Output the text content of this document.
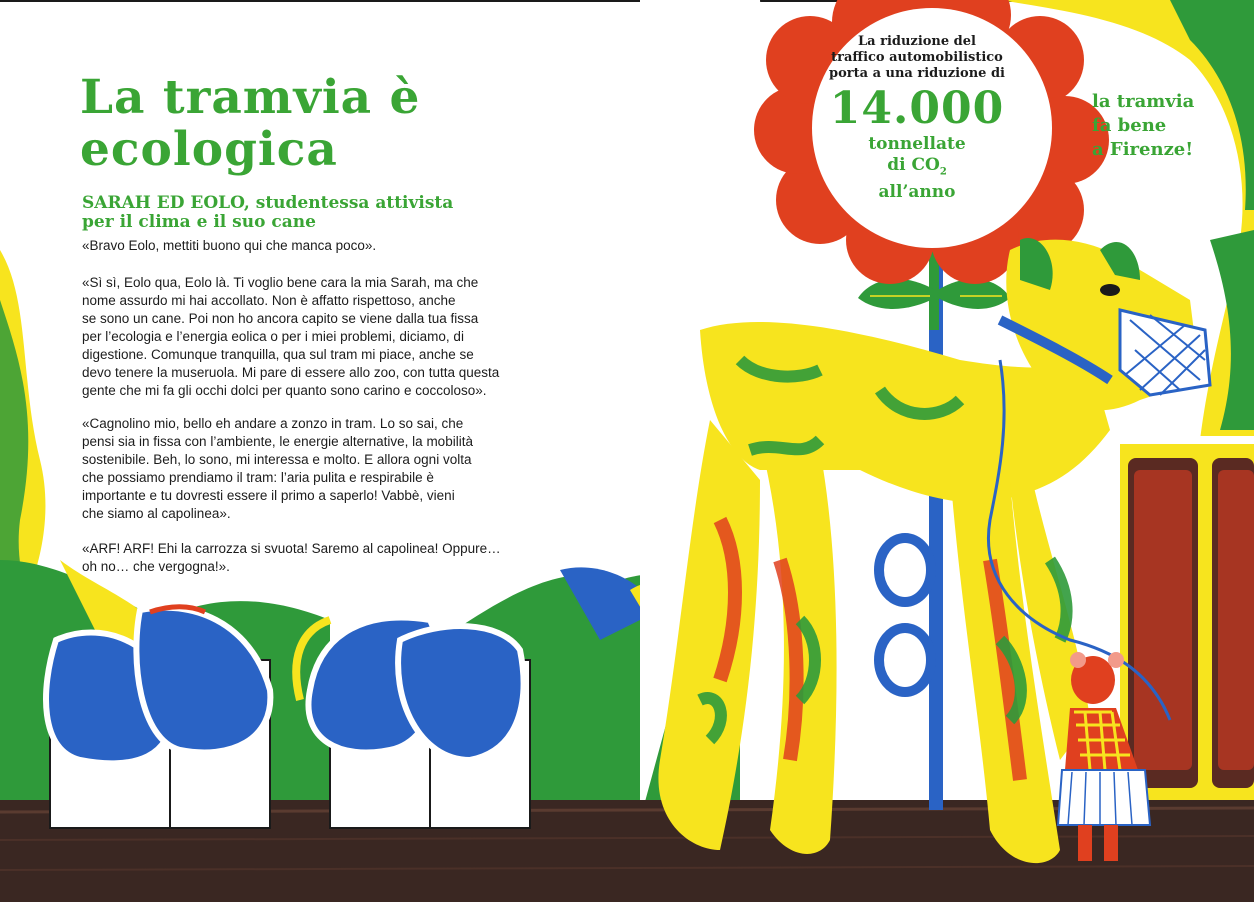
La tramvia è
ecologica
SARAH ED EOLO, studentessa attivista
per il clima e il suo cane

«Bravo Eolo, mettiti buono qui che manca poco».

«Sì sì, Eolo qua, Eolo là. Ti voglio bene cara la mia Sarah, ma che
nome assurdo mi hai accollato. Non è affatto rispettoso, anche
se sono un cane. Poi non ho ancora capito se viene dalla tua fissa
per l’ecologia e l’energia eolica o per i miei problemi, diciamo, di
digestione. Comunque tranquilla, qua sul tram mi piace, anche se
devo tenere la museruola. Mi pare di essere allo zoo, con tutta questa
gente che mi fa gli occhi dolci per quanto sono carino e coccoloso».

«Cagnolino mio, bello eh andare a zonzo in tram. Lo so sai, che
pensi sia in fissa con l’ambiente, le energie alternative, la mobilità
sostenibile. Beh, lo sono, mi interessa e molto. E allora ogni volta
che possiamo prendiamo il tram: l’aria pulita e respirabile è
importante e tu dovresti essere il primo a saperlo! Vabbè, vieni
che siamo al capolinea».

«ARF! ARF! Ehi la carrozza si svuota! Saremo al capolinea! Oppure…
oh no… che vergogna!».

La riduzione del
traffico automobilistico
porta a una riduzione di
14.000
tonnellate
di $CO_2$
all’anno
la tramvia
fa bene
a Firenze!
